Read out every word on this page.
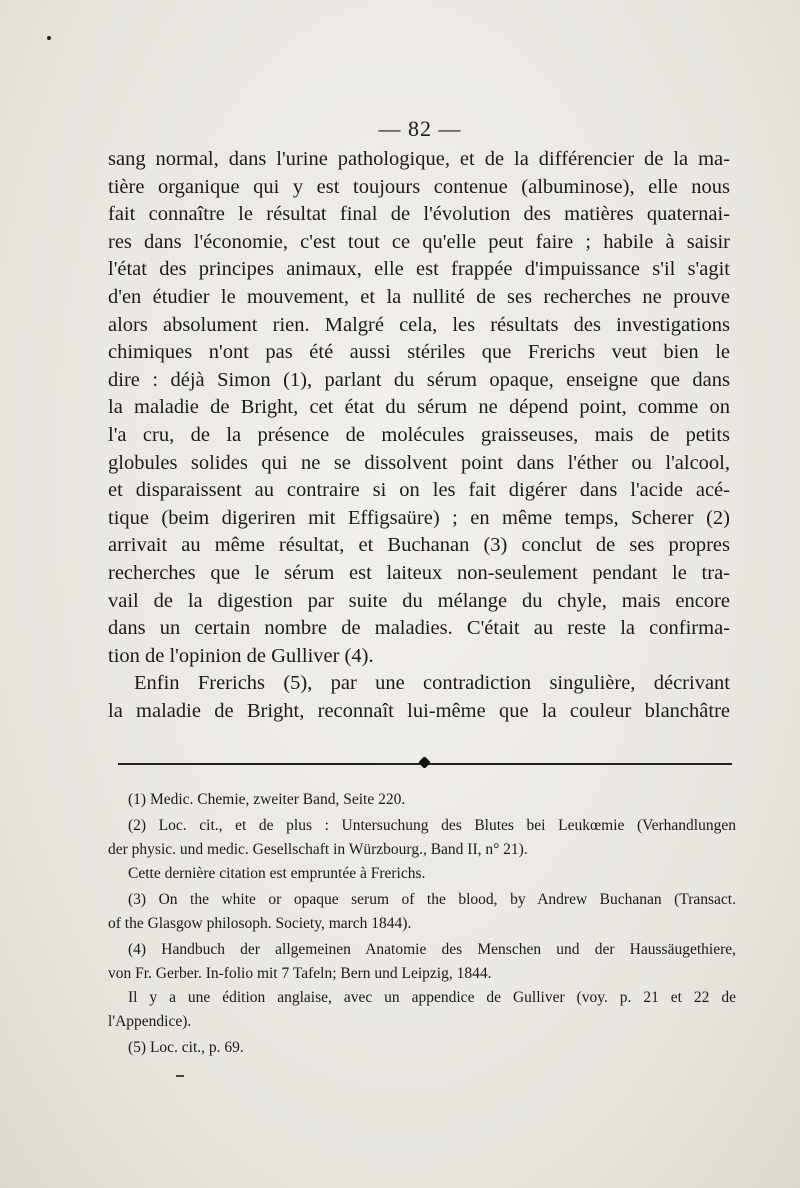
— 82 —
sang normal, dans l'urine pathologique, et de la différencier de la ma-
tière organique qui y est toujours contenue (albuminose), elle nous
fait connaître le résultat final de l'évolution des matières quaternai-
res dans l'économie, c'est tout ce qu'elle peut faire ; habile à saisir
l'état des principes animaux, elle est frappée d'impuissance s'il s'agit
d'en étudier le mouvement, et la nullité de ses recherches ne prouve
alors absolument rien. Malgré cela, les résultats des investigations
chimiques n'ont pas été aussi stériles que Frerichs veut bien le
dire : déjà Simon (1), parlant du sérum opaque, enseigne que dans
la maladie de Bright, cet état du sérum ne dépend point, comme on
l'a cru, de la présence de molécules graisseuses, mais de petits
globules solides qui ne se dissolvent point dans l'éther ou l'alcool,
et disparaissent au contraire si on les fait digérer dans l'acide acé-
tique (beim digeriren mit Effigsaüre) ; en même temps, Scherer (2)
arrivait au même résultat, et Buchanan (3) conclut de ses propres
recherches que le sérum est laiteux non-seulement pendant le tra-
vail de la digestion par suite du mélange du chyle, mais encore
dans un certain nombre de maladies. C'était au reste la confirma-
tion de l'opinion de Gulliver (4).
Enfin Frerichs (5), par une contradiction singulière, décrivant
la maladie de Bright, reconnaît lui-même que la couleur blanchâtre
(1) Medic. Chemie, zweiter Band, Seite 220.
(2) Loc. cit., et de plus : Untersuchung des Blutes bei Leukœmie (Verhandlungen
der physic. und medic. Gesellschaft in Würzbourg., Band II, n° 21).
Cette dernière citation est empruntée à Frerichs.
(3) On the white or opaque serum of the blood, by Andrew Buchanan (Transact.
of the Glasgow philosoph. Society, march 1844).
(4) Handbuch der allgemeinen Anatomie des Menschen und der Haussäugethiere,
von Fr. Gerber. In-folio mit 7 Tafeln; Bern und Leipzig, 1844.
Il y a une édition anglaise, avec un appendice de Gulliver (voy. p. 21 et 22 de
l'Appendice).
(5) Loc. cit., p. 69.
